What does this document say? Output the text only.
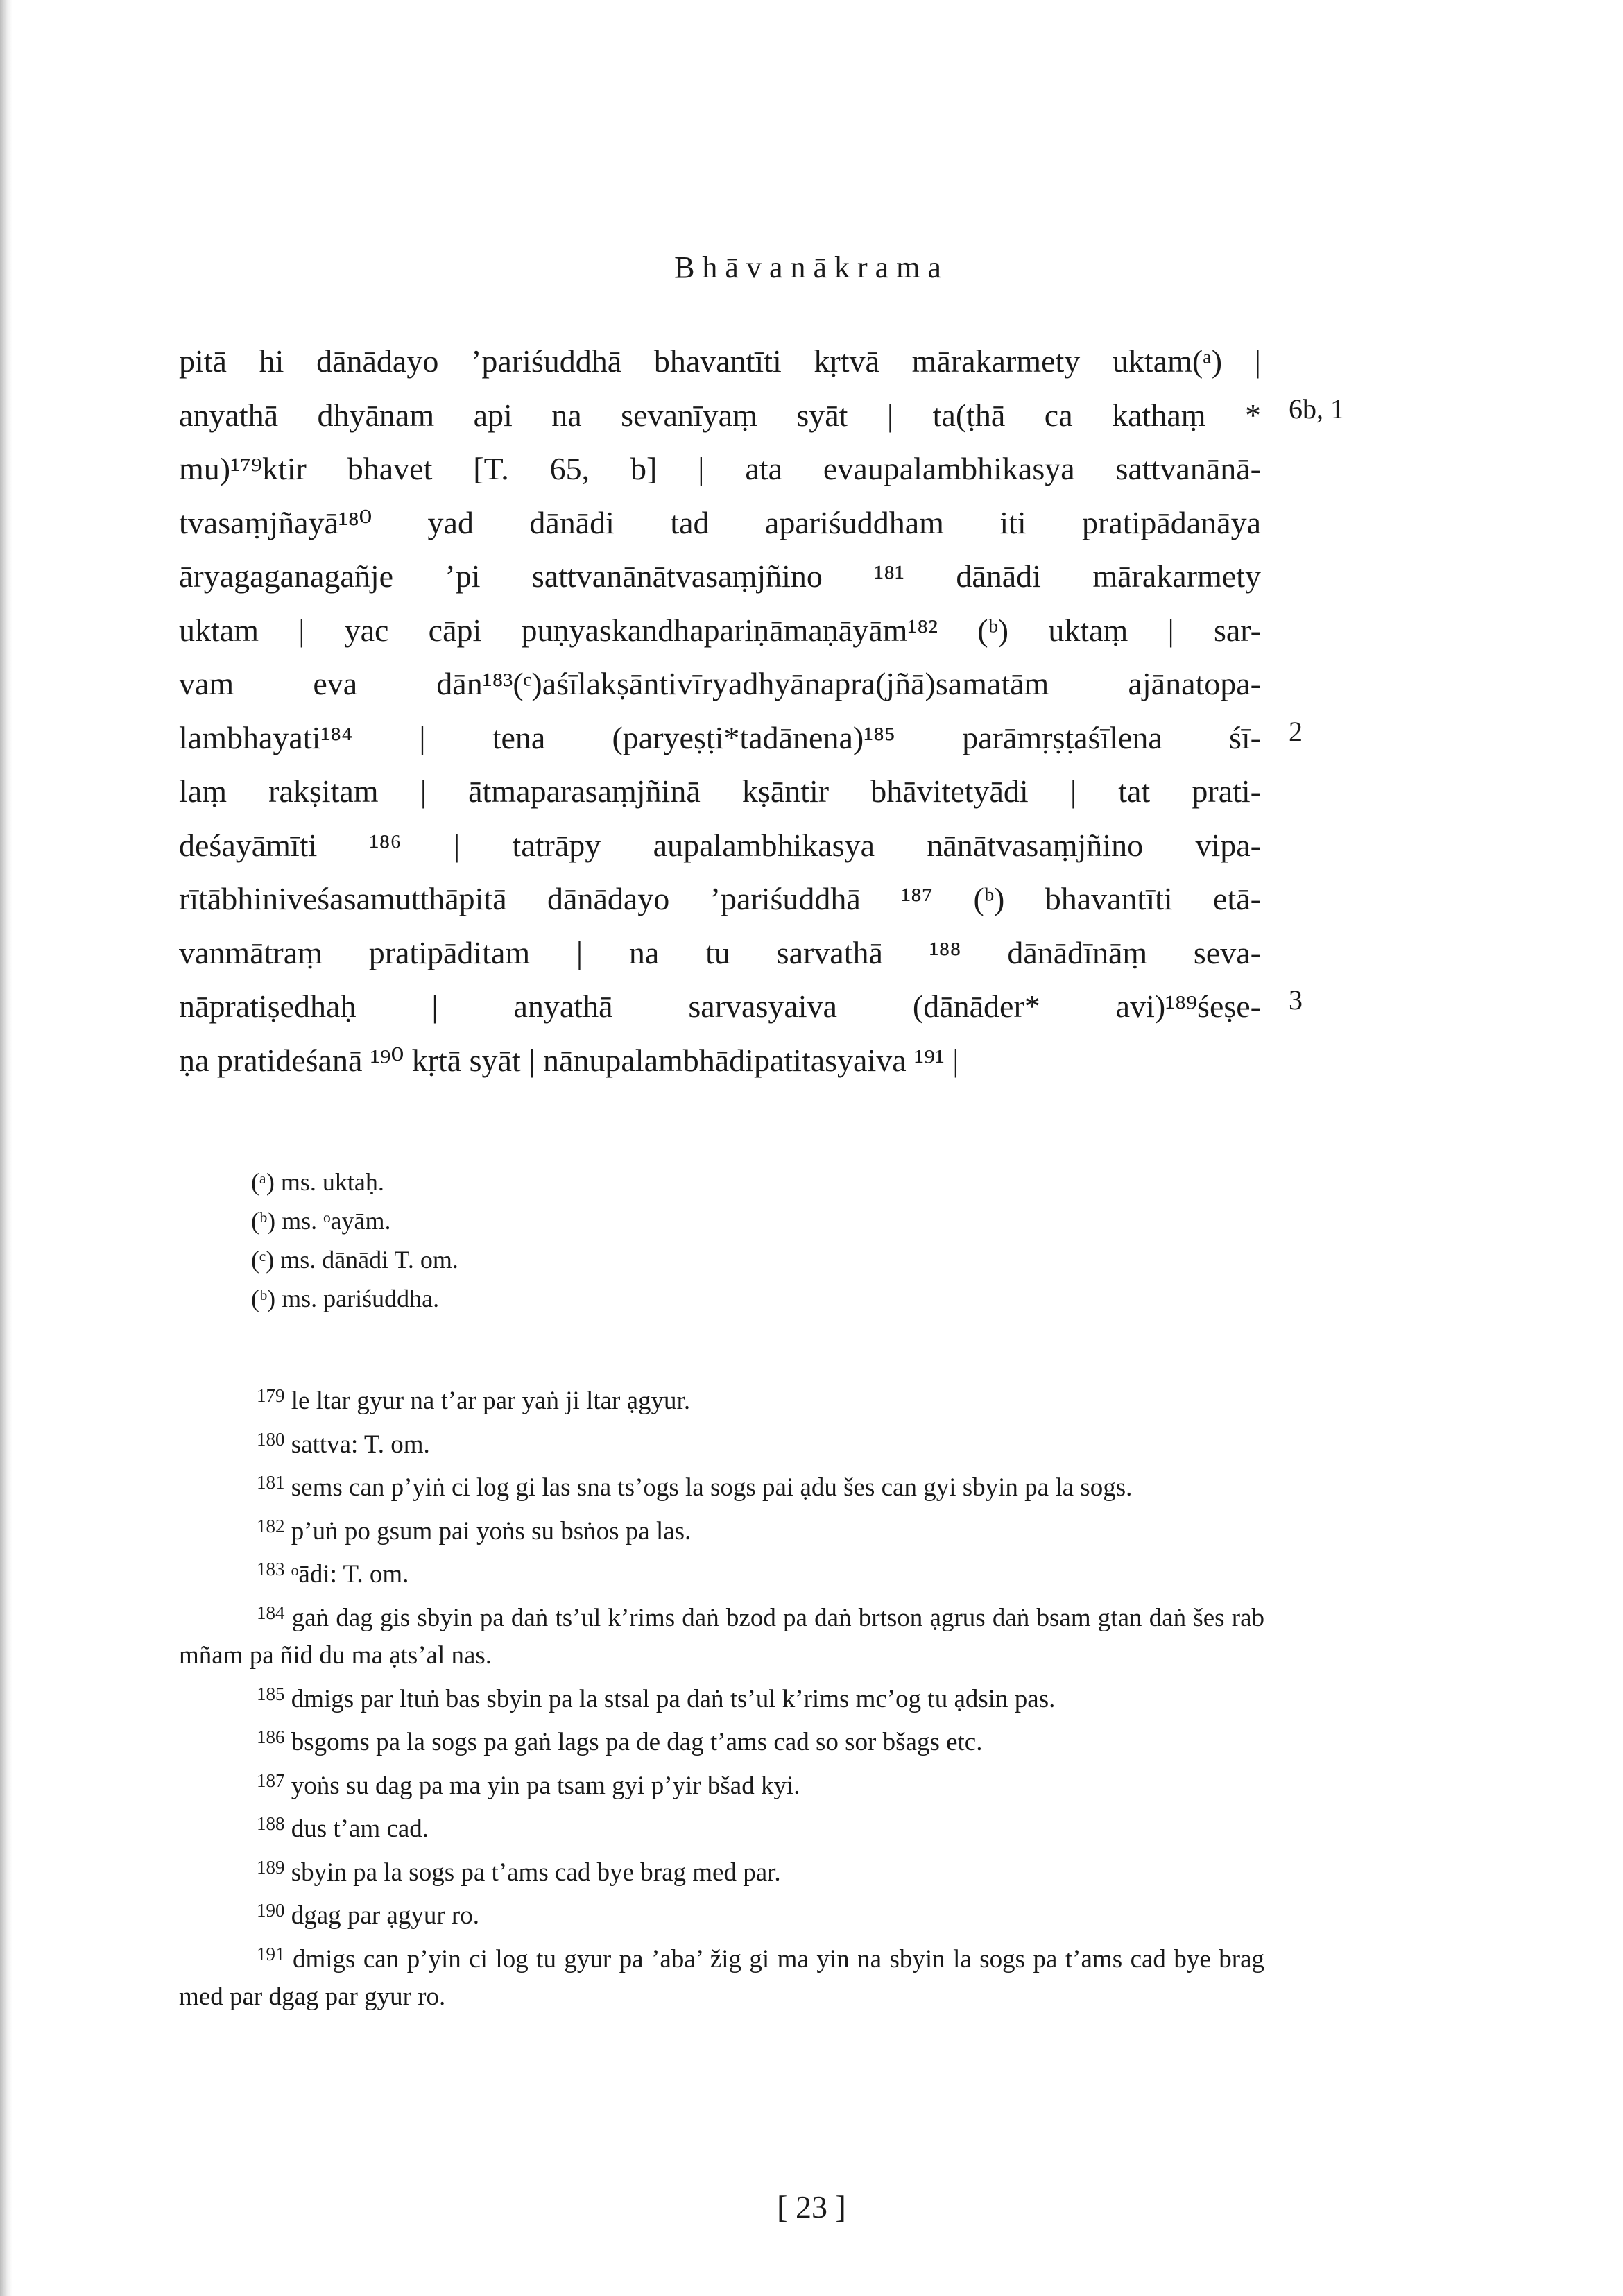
Bhāvanākrama
pitā hi dānādayo ’pariśuddhā bhavantīti kṛtvā mārakarmety uktam(ᵃ) |
anyathā dhyānam api na sevanīyaṃ syāt | ta(ṭhā ca kathaṃ *
mu)¹⁷⁹ktir bhavet [T. 65, b] | ata evaupalambhikasya sattvanānā-
tvasaṃjñayā¹⁸⁰ yad dānādi tad apariśuddham iti pratipādanāya
āryagaganagañje ’pi sattvanānātvasaṃjñino ¹⁸¹ dānādi mārakarmety
uktam | yac cāpi puṇyaskandhapariṇāmaṇāyām¹⁸² (ᵇ) uktaṃ | sar-
vam eva dān¹⁸³(ᶜ)aśīlakṣāntivīryadhyānapra(jñā)samatām ajānatopa-
lambhayati¹⁸⁴ | tena (paryeṣṭi*tadānena)¹⁸⁵ parāmṛṣṭaśīlena śī-
laṃ rakṣitam | ātmaparasaṃjñinā kṣāntir bhāvitetyādi | tat prati-
deśayāmīti ¹⁸⁶ | tatrāpy aupalambhikasya nānātvasaṃjñino vipa-
rītābhiniveśasamutthāpitā dānādayo ’pariśuddhā ¹⁸⁷ (ᵇ) bhavantīti etā-
vanmātraṃ pratipāditam | na tu sarvathā ¹⁸⁸ dānādīnāṃ seva-
nāpratiṣedhaḥ | anyathā sarvasyaiva (dānāder* avi)¹⁸⁹śeṣe-
ṇa pratideśanā ¹⁹⁰ kṛtā syāt | nānupalambhādipatitasyaiva ¹⁹¹ |
6b, 1
2
3
(ᵃ) ms. uktaḥ.
(ᵇ) ms. ᵒayām.
(ᶜ) ms. dānādi T. om.
(ᵇ) ms. pariśuddha.
$^{179}$ le ltar gyur na t’ar par yaṅ ji ltar ạgyur.
$^{180}$ sattva: T. om.
$^{181}$ sems can p’yiṅ ci log gi las sna ts’ogs la sogs pai ạdu šes can gyi sbyin pa la sogs.
$^{182}$ p’uṅ po gsum pai yoṅs su bsṅos pa las.
$^{183}$ ᵒādi: T. om.
$^{184}$ gaṅ dag gis sbyin pa daṅ ts’ul k’rims daṅ bzod pa daṅ brtson ạgrus daṅ bsam gtan daṅ šes rab mñam pa ñid du ma ạts’al nas.
$^{185}$ dmigs par ltuṅ bas sbyin pa la stsal pa daṅ ts’ul k’rims mc’og tu ạdsin pas.
$^{186}$ bsgoms pa la sogs pa gaṅ lags pa de dag t’ams cad so sor bšags etc.
$^{187}$ yoṅs su dag pa ma yin pa tsam gyi p’yir bšad kyi.
$^{188}$ dus t’am cad.
$^{189}$ sbyin pa la sogs pa t’ams cad bye brag med par.
$^{190}$ dgag par ạgyur ro.
$^{191}$ dmigs can p’yin ci log tu gyur pa ’aba’ žig gi ma yin na sbyin la sogs pa t’ams cad bye brag med par dgag par gyur ro.
[ 23 ]
